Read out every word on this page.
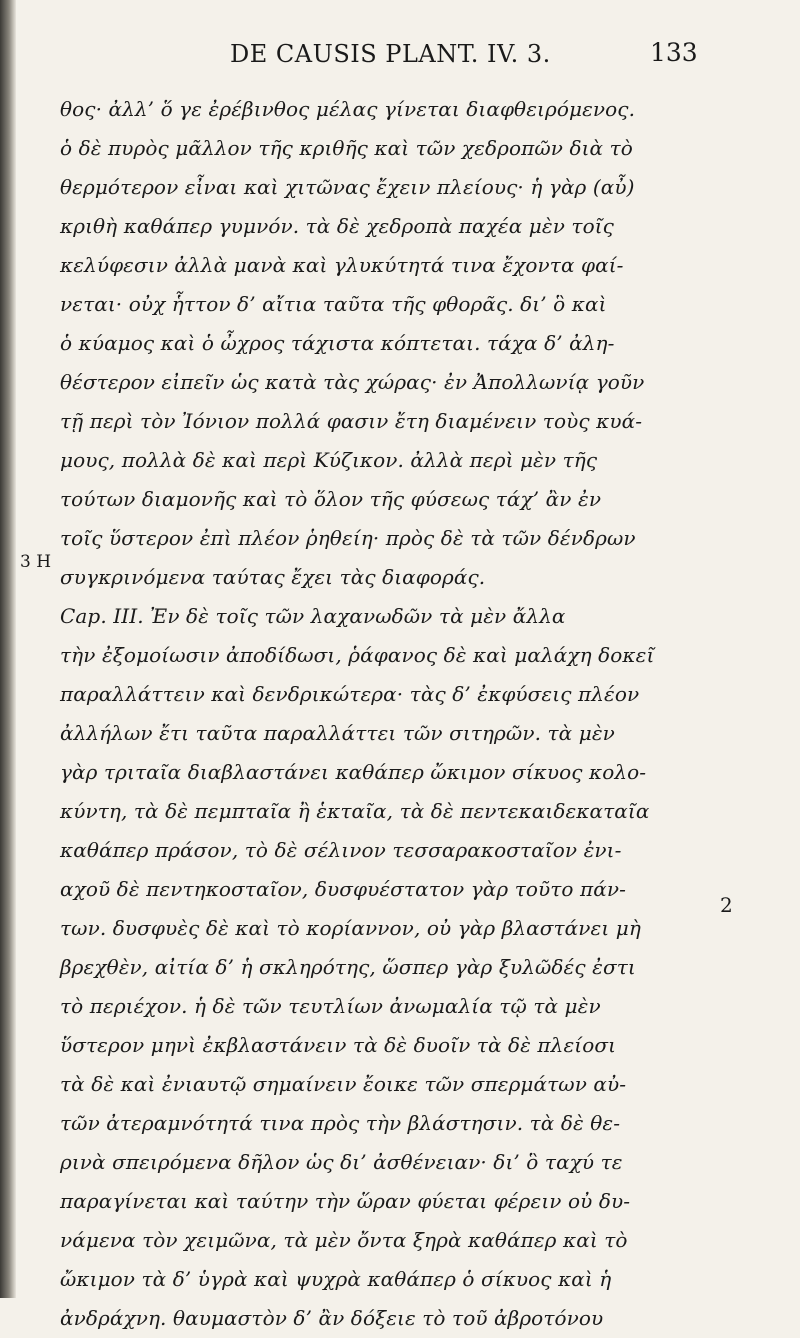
DE CAUSIS PLANT. IV. 3.	133
3 H
2
θος· ἀλλ’ ὅ γε ἐρέβινθος μέλας γίνεται διαφθειρόμενος.
ὁ δὲ πυρὸς μᾶλλον τῆς κριθῆς καὶ τῶν χεδροπῶν διὰ τὸ
θερμότερον εἶναι καὶ χιτῶνας ἔχειν πλείους· ἡ γὰρ (αὖ)
κριθὴ καθάπερ γυμνόν. τὰ δὲ χεδροπὰ παχέα μὲν τοῖς
κελύφεσιν ἀλλὰ μανὰ καὶ γλυκύτητά τινα ἔχοντα φαί-
νεται· οὐχ ἧττον δ’ αἴτια ταῦτα τῆς φθορᾶς. δι’ ὃ καὶ
ὁ κύαμος καὶ ὁ ὦχρος τάχιστα κόπτεται. τάχα δ’ ἀλη-
θέστερον εἰπεῖν ὡς κατὰ τὰς χώρας· ἐν Ἀπολλωνίᾳ γοῦν
τῇ περὶ τὸν Ἰόνιον πολλά φασιν ἔτη διαμένειν τοὺς κυά-
μους, πολλὰ δὲ καὶ περὶ Κύζικον. ἀλλὰ περὶ μὲν τῆς
τούτων διαμονῆς καὶ τὸ ὅλον τῆς φύσεως τάχ’ ἂν ἐν
τοῖς ὕστερον ἐπὶ πλέον ῥηθείη· πρὸς δὲ τὰ τῶν δένδρων
συγκρινόμενα ταύτας ἔχει τὰς διαφοράς.
Cap. III. Ἐν δὲ τοῖς τῶν λαχανωδῶν τὰ μὲν ἄλλα
τὴν ἐξομοίωσιν ἀποδίδωσι, ῥάφανος δὲ καὶ μαλάχη δοκεῖ
παραλλάττειν καὶ δενδρικώτερα· τὰς δ’ ἐκφύσεις πλέον
ἀλλήλων ἔτι ταῦτα παραλλάττει τῶν σιτηρῶν. τὰ μὲν
γὰρ τριταῖα διαβλαστάνει καθάπερ ὤκιμον σίκυος κολο-
κύντη, τὰ δὲ πεμπταῖα ἢ ἑκταῖα, τὰ δὲ πεντεκαιδεκαταῖα
καθάπερ πράσον, τὸ δὲ σέλινον τεσσαρακοσταῖον ἐνι-
αχοῦ δὲ πεντηκοσταῖον, δυσφυέστατον γὰρ τοῦτο πάν-
των. δυσφυὲς δὲ καὶ τὸ κορίαννον, οὐ γὰρ βλαστάνει μὴ
βρεχθὲν, αἰτία δ’ ἡ σκληρότης, ὥσπερ γὰρ ξυλῶδές ἐστι
τὸ περιέχον. ἡ δὲ τῶν τευτλίων ἀνωμαλία τῷ τὰ μὲν
ὕστερον μηνὶ ἐκβλαστάνειν τὰ δὲ δυοῖν τὰ δὲ πλείοσι
τὰ δὲ καὶ ἐνιαυτῷ σημαίνειν ἔοικε τῶν σπερμάτων αὐ-
τῶν ἀτεραμνότητά τινα πρὸς τὴν βλάστησιν. τὰ δὲ θε-
ρινὰ σπειρόμενα δῆλον ὡς δι’ ἀσθένειαν· δι’ ὃ ταχύ τε
παραγίνεται καὶ ταύτην τὴν ὥραν φύεται φέρειν οὐ δυ-
νάμενα τὸν χειμῶνα, τὰ μὲν ὄντα ξηρὰ καθάπερ καὶ τὸ
ὤκιμον τὰ δ’ ὑγρὰ καὶ ψυχρὰ καθάπερ ὁ σίκυος καὶ ἡ
ἀνδράχνη. θαυμαστὸν δ’ ἂν δόξειε τὸ τοῦ ἀβροτόνου
